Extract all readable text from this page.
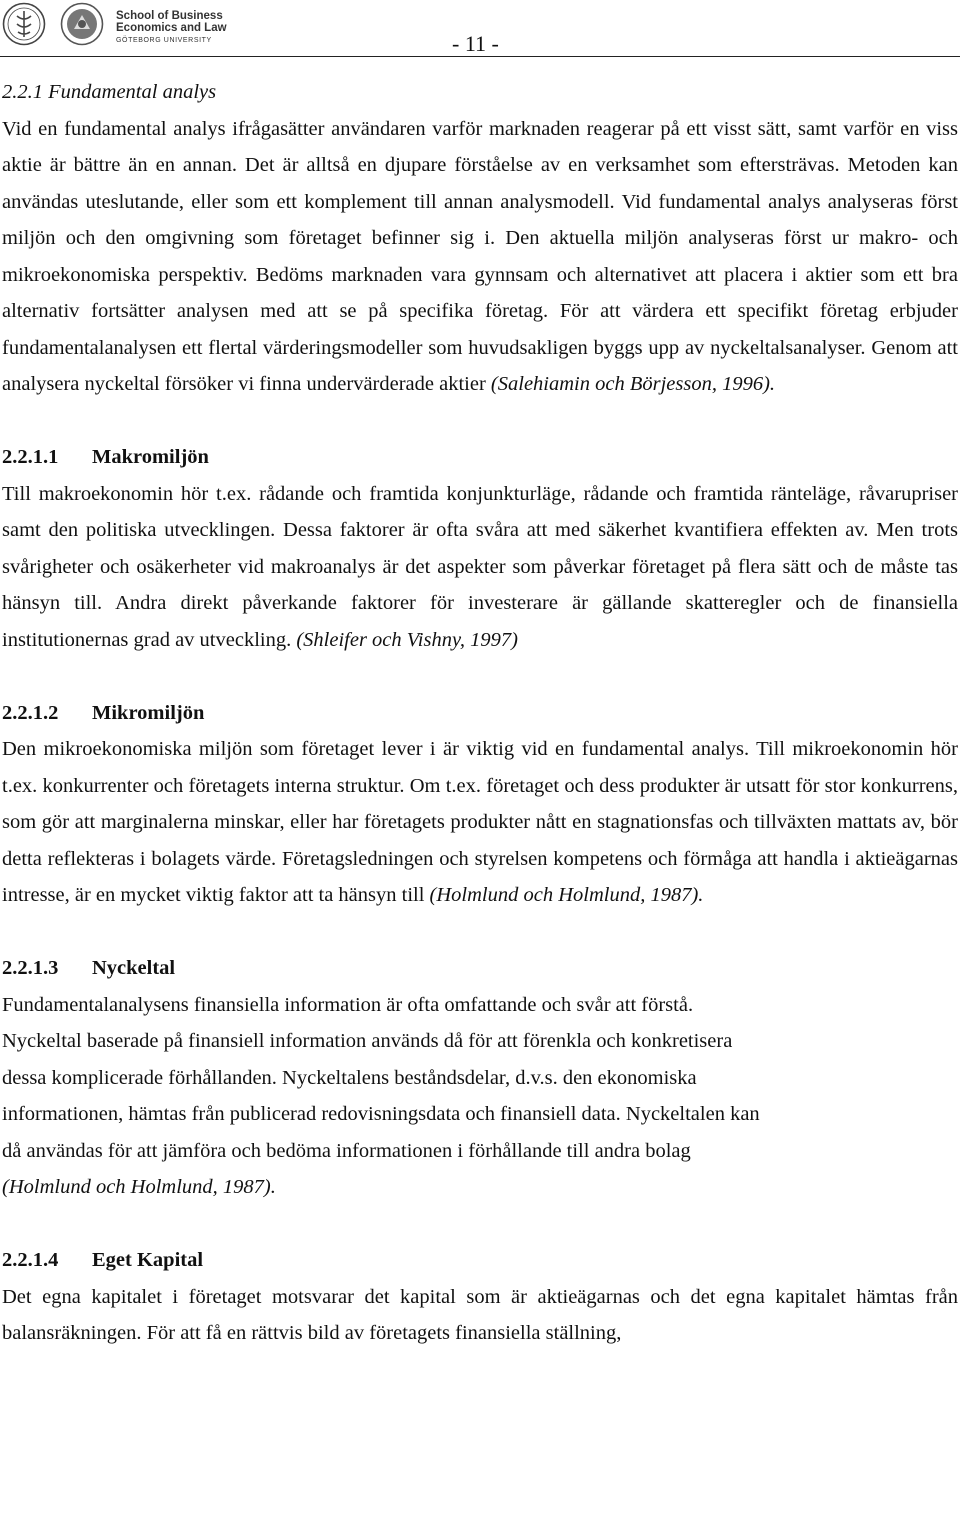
School of Business
Economics and Law
GÖTEBORG UNIVERSITY	- 11 -
2.2.1 Fundamental analys

Vid en fundamental analys ifrågasätter användaren varför marknaden reagerar på ett visst sätt, samt varför en viss aktie är bättre än en annan. Det är alltså en djupare förståelse av en verksamhet som eftersträvas. Metoden kan användas uteslutande, eller som ett komplement till annan analysmodell. Vid fundamental analys analyseras först miljön och den omgivning som företaget befinner sig i. Den aktuella miljön analyseras först ur makro- och mikroekonomiska perspektiv. Bedöms marknaden vara gynnsam och alternativet att placera i aktier som ett bra alternativ fortsätter analysen med att se på specifika företag. För att värdera ett specifikt företag erbjuder fundamentalanalysen ett flertal värderingsmodeller som huvudsakligen byggs upp av nyckeltalsanalyser. Genom att analysera nyckeltal försöker vi finna undervärderade aktier (Salehiamin och Börjesson, 1996).

2.2.1.1 Makromiljön

Till makroekonomin hör t.ex. rådande och framtida konjunkturläge, rådande och framtida ränteläge, råvarupriser samt den politiska utvecklingen. Dessa faktorer är ofta svåra att med säkerhet kvantifiera effekten av. Men trots svårigheter och osäkerheter vid makroanalys är det aspekter som påverkar företaget på flera sätt och de måste tas hänsyn till. Andra direkt påverkande faktorer för investerare är gällande skatteregler och de finansiella institutionernas grad av utveckling. (Shleifer och Vishny, 1997)

2.2.1.2 Mikromiljön

Den mikroekonomiska miljön som företaget lever i är viktig vid en fundamental analys. Till mikroekonomin hör t.ex. konkurrenter och företagets interna struktur. Om t.ex. företaget och dess produkter är utsatt för stor konkurrens, som gör att marginalerna minskar, eller har företagets produkter nått en stagnationsfas och tillväxten mattats av, bör detta reflekteras i bolagets värde. Företagsledningen och styrelsen kompetens och förmåga att handla i aktieägarnas intresse, är en mycket viktig faktor att ta hänsyn till (Holmlund och Holmlund, 1987).

2.2.1.3 Nyckeltal

Fundamentalanalysens finansiella information är ofta omfattande och svår att förstå.
Nyckeltal baserade på finansiell information används då för att förenkla och konkretisera
dessa komplicerade förhållanden. Nyckeltalens beståndsdelar, d.v.s. den ekonomiska
informationen, hämtas från publicerad redovisningsdata och finansiell data. Nyckeltalen kan
då användas för att jämföra och bedöma informationen i förhållande till andra bolag
(Holmlund och Holmlund, 1987).

2.2.1.4 Eget Kapital

Det egna kapitalet i företaget motsvarar det kapital som är aktieägarnas och det egna kapitalet hämtas från balansräkningen. För att få en rättvis bild av företagets finansiella ställning,
